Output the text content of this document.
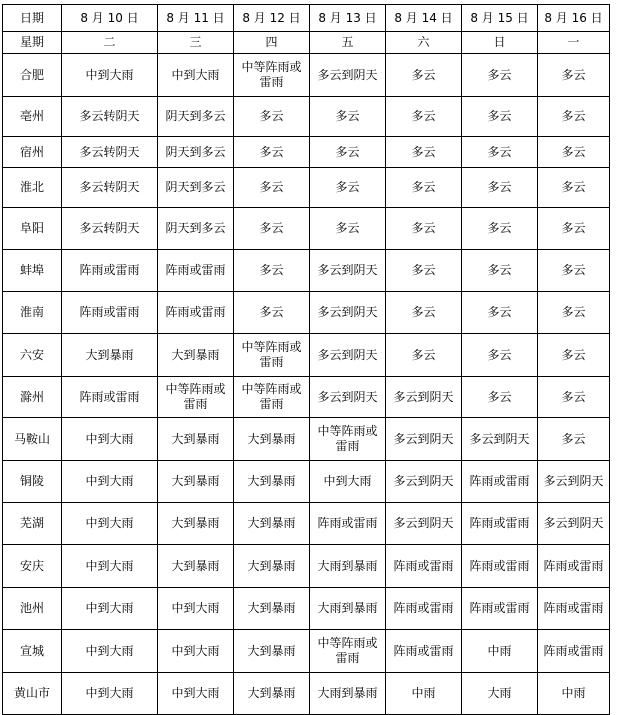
日期	8 月 10 日	8 月 11 日	8 月 12 日	8 月 13 日	8 月 14 日	8 月 15 日	8 月 16 日
星期	二	三	四	五	六	日	一
合肥	中到大雨	中到大雨	中等阵雨或雷雨	多云到阴天	多云	多云	多云
亳州	多云转阴天	阴天到多云	多云	多云	多云	多云	多云
宿州	多云转阴天	阴天到多云	多云	多云	多云	多云	多云
淮北	多云转阴天	阴天到多云	多云	多云	多云	多云	多云
阜阳	多云转阴天	阴天到多云	多云	多云	多云	多云	多云
蚌埠	阵雨或雷雨	阵雨或雷雨	多云	多云到阴天	多云	多云	多云
淮南	阵雨或雷雨	阵雨或雷雨	多云	多云到阴天	多云	多云	多云
六安	大到暴雨	大到暴雨	中等阵雨或雷雨	多云到阴天	多云	多云	多云
滁州	阵雨或雷雨	中等阵雨或雷雨	中等阵雨或雷雨	多云到阴天	多云到阴天	多云	多云
马鞍山	中到大雨	大到暴雨	大到暴雨	中等阵雨或雷雨	多云到阴天	多云到阴天	多云
铜陵	中到大雨	大到暴雨	大到暴雨	中到大雨	多云到阴天	阵雨或雷雨	多云到阴天
芜湖	中到大雨	大到暴雨	大到暴雨	阵雨或雷雨	多云到阴天	阵雨或雷雨	多云到阴天
安庆	中到大雨	大到暴雨	大到暴雨	大雨到暴雨	阵雨或雷雨	阵雨或雷雨	阵雨或雷雨
池州	中到大雨	中到大雨	大到暴雨	大雨到暴雨	阵雨或雷雨	阵雨或雷雨	阵雨或雷雨
宣城	中到大雨	中到大雨	大到暴雨	中等阵雨或雷雨	阵雨或雷雨	中雨	阵雨或雷雨
黄山市	中到大雨	中到大雨	大到暴雨	大雨到暴雨	中雨	大雨	中雨
